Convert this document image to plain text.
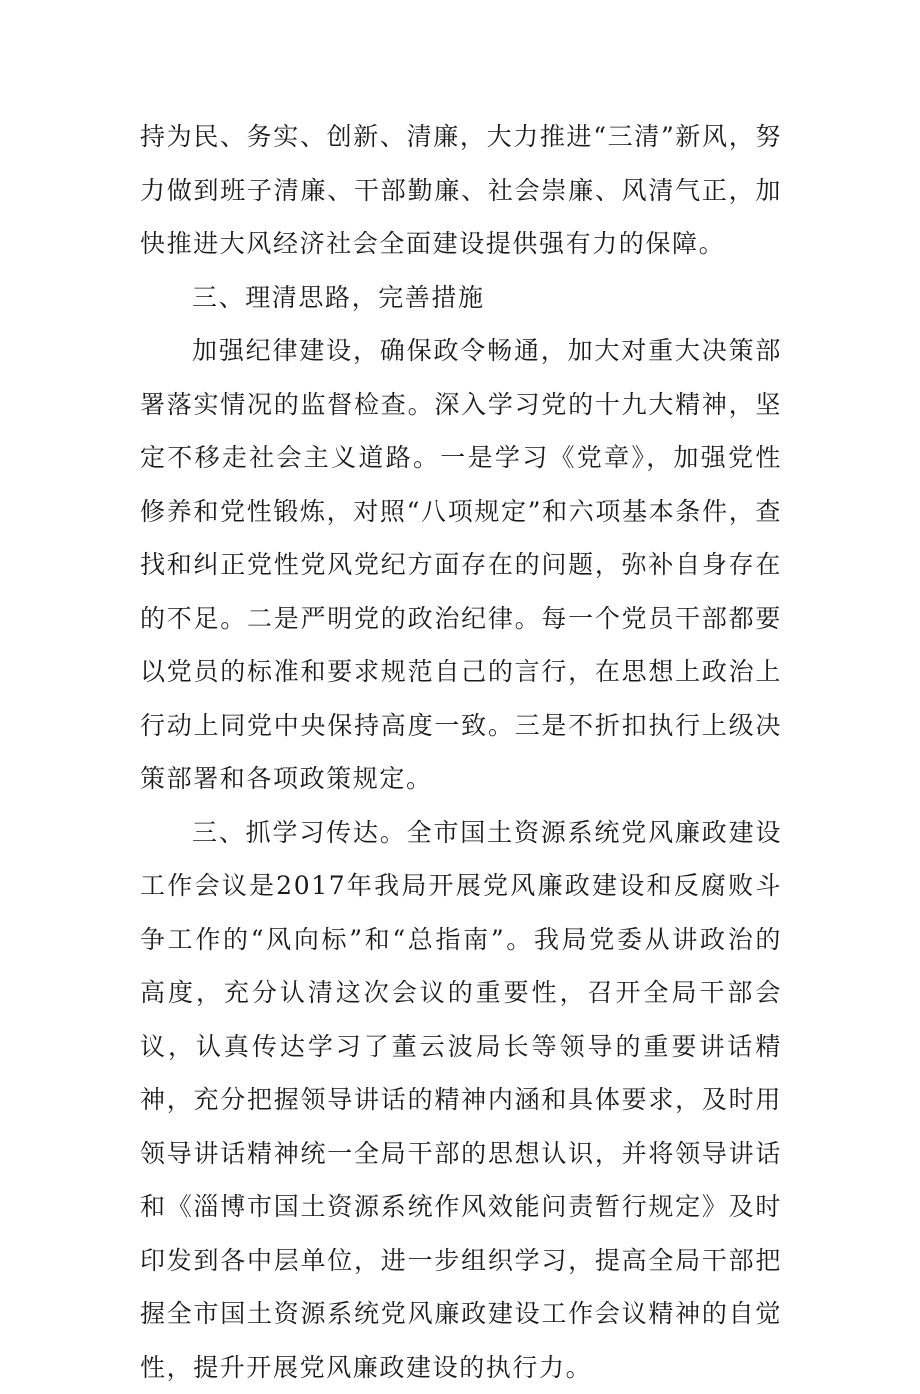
持为民、务实、创新、清廉，大力推进“三清”新风，努力做到班子清廉、干部勤廉、社会崇廉、风清气正，加快推进大风经济社会全面建设提供强有力的保障。

三、理清思路，完善措施

加强纪律建设，确保政令畅通，加大对重大决策部署落实情况的监督检查。深入学习党的十九大精神，坚定不移走社会主义道路。一是学习《党章》，加强党性修养和党性锻炼，对照“八项规定”和六项基本条件，查找和纠正党性党风党纪方面存在的问题，弥补自身存在的不足。二是严明党的政治纪律。每一个党员干部都要以党员的标准和要求规范自己的言行，在思想上政治上行动上同党中央保持高度一致。三是不折扣执行上级决策部署和各项政策规定。

三、抓学习传达。全市国土资源系统党风廉政建设工作会议是2017年我局开展党风廉政建设和反腐败斗争工作的“风向标”和“总指南”。我局党委从讲政治的高度，充分认清这次会议的重要性，召开全局干部会议，认真传达学习了董云波局长等领导的重要讲话精神，充分把握领导讲话的精神内涵和具体要求，及时用领导讲话精神统一全局干部的思想认识，并将领导讲话和《淄博市国土资源系统作风效能问责暂行规定》及时印发到各中层单位，进一步组织学习，提高全局干部把握全市国土资源系统党风廉政建设工作会议精神的自觉性，提升开展党风廉政建设的执行力。
